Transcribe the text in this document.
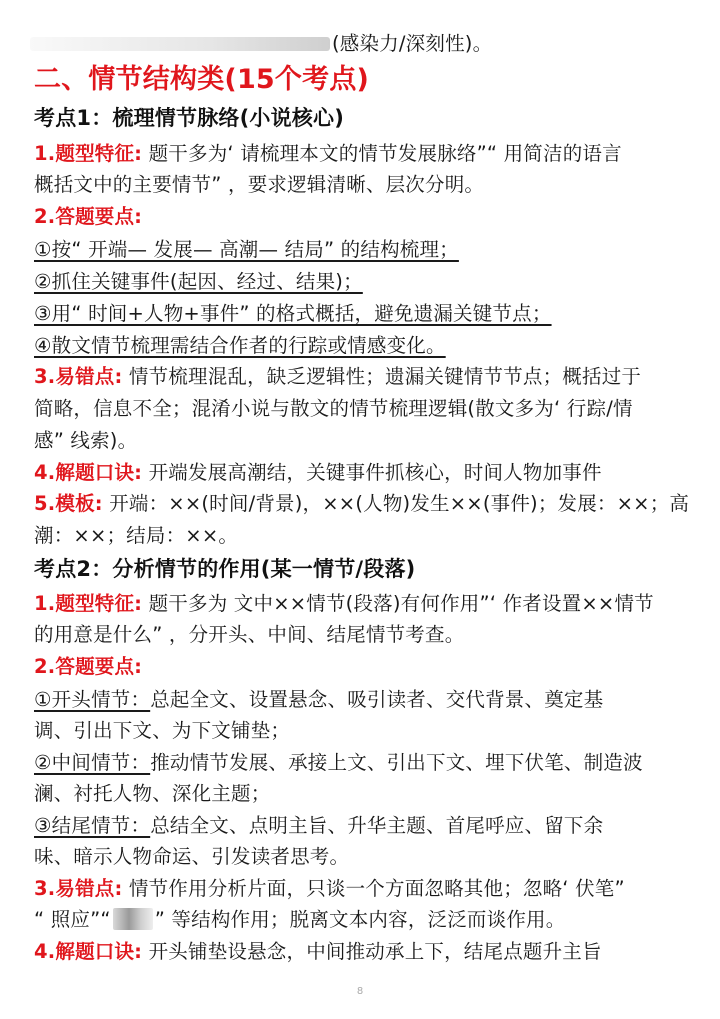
(感染力/深刻性)。
二、情节结构类(15个考点)
考点1：梳理情节脉络(小说核心)
1.题型特征: 题干多为‘ 请梳理本文的情节发展脉络”“ 用简洁的语言
概括文中的主要情节” ，要求逻辑清晰、层次分明。
2.答题要点:
①按“ 开端— 发展— 高潮— 结局” 的结构梳理；
②抓住关键事件(起因、经过、结果)；
③用“ 时间+人物+事件” 的格式概括，避免遗漏关键节点；
④散文情节梳理需结合作者的行踪或情感变化。
3.易错点: 情节梳理混乱，缺乏逻辑性；遗漏关键情节节点；概括过于
简略，信息不全；混淆小说与散文的情节梳理逻辑(散文多为‘ 行踪/情
感” 线索)。
4.解题口诀: 开端发展高潮结，关键事件抓核心，时间人物加事件
5.模板: 开端：××(时间/背景)，××(人物)发生××(事件)；发展：××；高
潮：××；结局：××。
考点2：分析情节的作用(某一情节/段落)
1.题型特征: 题干多为 文中××情节(段落)有何作用”‘ 作者设置××情节
的用意是什么” ，分开头、中间、结尾情节考查。
2.答题要点:
①开头情节：总起全文、设置悬念、吸引读者、交代背景、奠定基
调、引出下文、为下文铺垫；
②中间情节：推动情节发展、承接上文、引出下文、埋下伏笔、制造波
澜、衬托人物、深化主题；
③结尾情节：总结全文、点明主旨、升华主题、首尾呼应、留下余
味、暗示人物命运、引发读者思考。
3.易错点: 情节作用分析片面，只谈一个方面忽略其他；忽略‘ 伏笔”
“ 照应”“ ” 等结构作用；脱离文本内容，泛泛而谈作用。
4.解题口诀: 开头铺垫设悬念，中间推动承上下，结尾点题升主旨
8
